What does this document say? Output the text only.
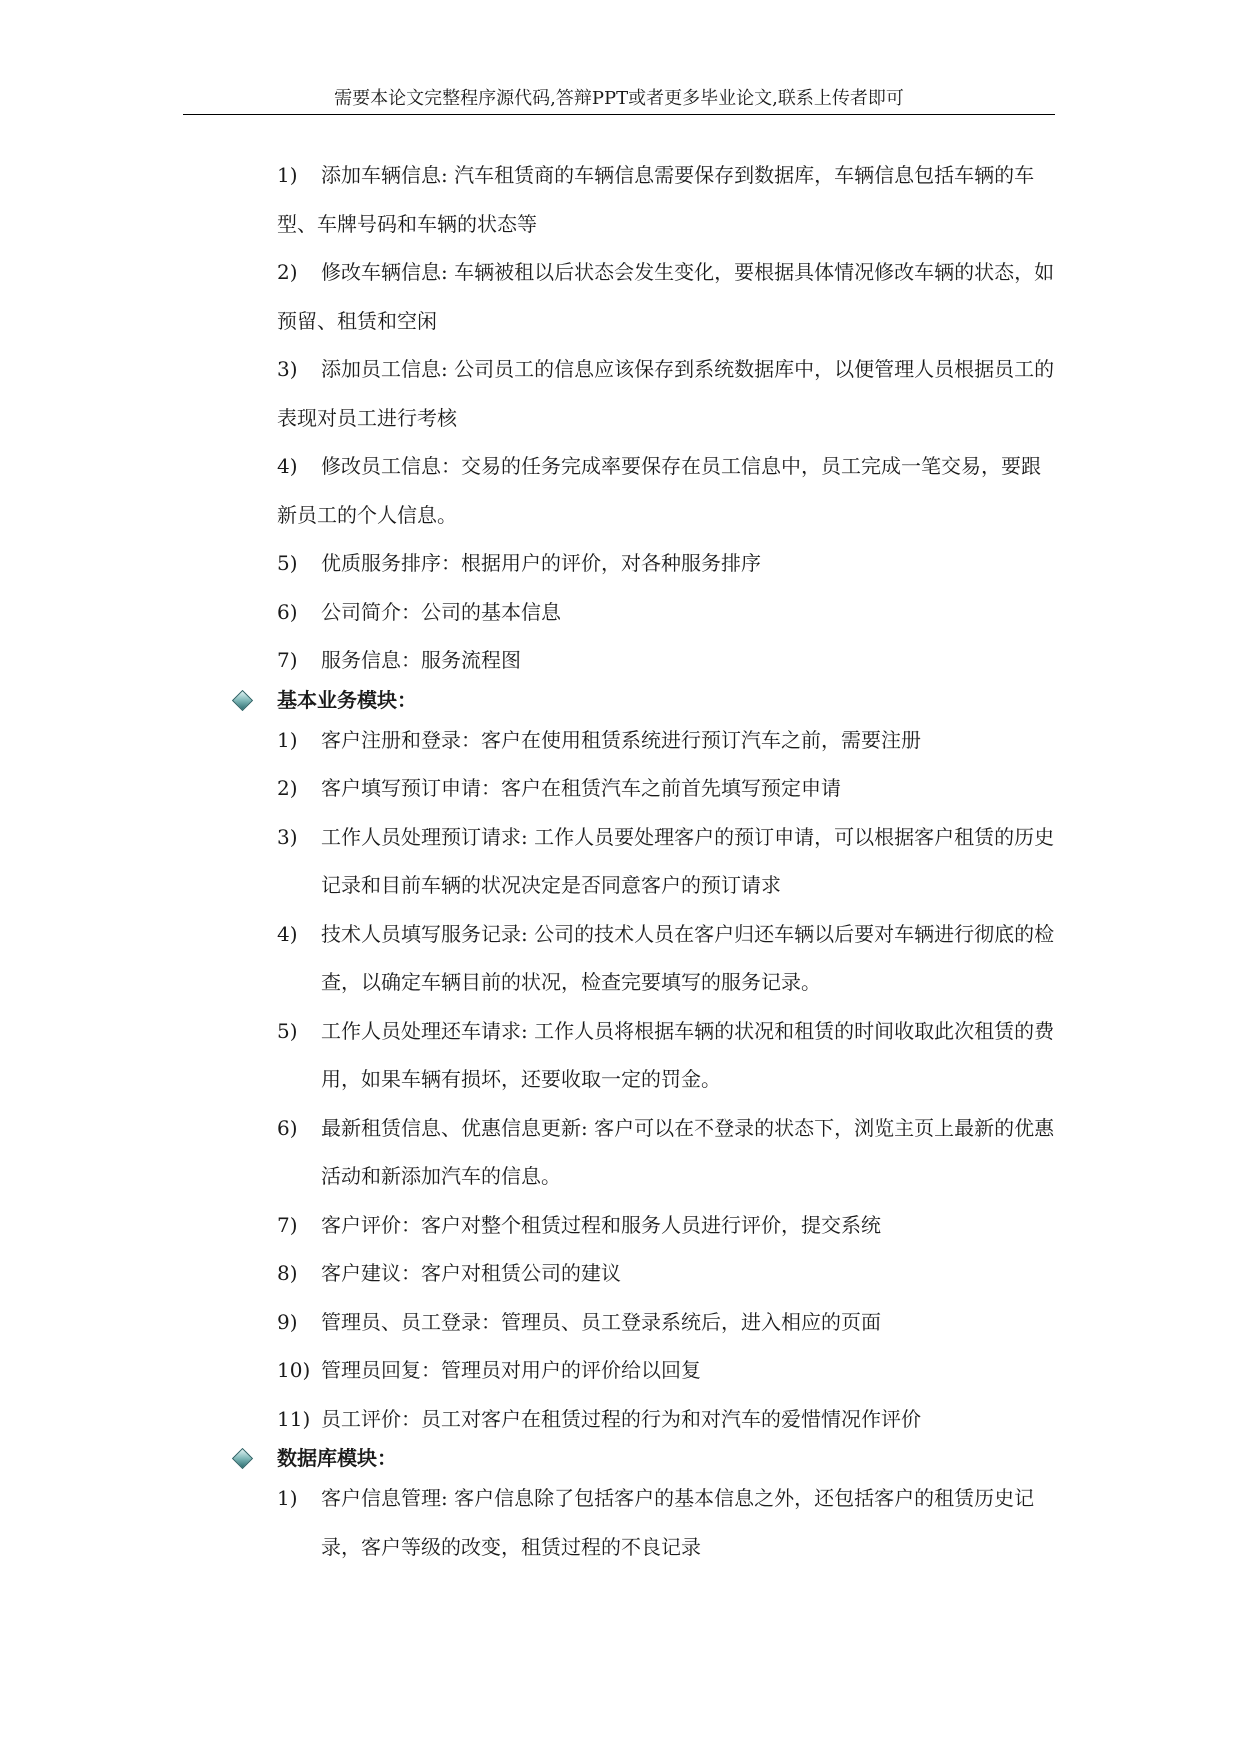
需要本论文完整程序源代码,答辩PPT或者更多毕业论文,联系上传者即可
1) 添加车辆信息: 汽车租赁商的车辆信息需要保存到数据库，车辆信息包括车辆的车型、车牌号码和车辆的状态等
2) 修改车辆信息: 车辆被租以后状态会发生变化，要根据具体情况修改车辆的状态，如预留、租赁和空闲
3) 添加员工信息: 公司员工的信息应该保存到系统数据库中，以便管理人员根据员工的表现对员工进行考核
4) 修改员工信息：交易的任务完成率要保存在员工信息中，员工完成一笔交易，要跟新员工的个人信息。
5) 优质服务排序：根据用户的评价，对各种服务排序
6) 公司简介：公司的基本信息
7) 服务信息：服务流程图
基本业务模块：
1)	客户注册和登录：客户在使用租赁系统进行预订汽车之前，需要注册
2)	客户填写预订申请：客户在租赁汽车之前首先填写预定申请
3)	工作人员处理预订请求: 工作人员要处理客户的预订申请，可以根据客户租赁的历史记录和目前车辆的状况决定是否同意客户的预订请求
4)	技术人员填写服务记录: 公司的技术人员在客户归还车辆以后要对车辆进行彻底的检查，以确定车辆目前的状况，检查完要填写的服务记录。
5)	工作人员处理还车请求: 工作人员将根据车辆的状况和租赁的时间收取此次租赁的费用，如果车辆有损坏，还要收取一定的罚金。
6)	最新租赁信息、优惠信息更新: 客户可以在不登录的状态下，浏览主页上最新的优惠活动和新添加汽车的信息。
7)	客户评价：客户对整个租赁过程和服务人员进行评价，提交系统
8)	客户建议：客户对租赁公司的建议
9)	管理员、员工登录：管理员、员工登录系统后，进入相应的页面
10) 管理员回复：管理员对用户的评价给以回复
11) 员工评价：员工对客户在租赁过程的行为和对汽车的爱惜情况作评价
数据库模块：
1)	客户信息管理: 客户信息除了包括客户的基本信息之外，还包括客户的租赁历史记录，客户等级的改变，租赁过程的不良记录
